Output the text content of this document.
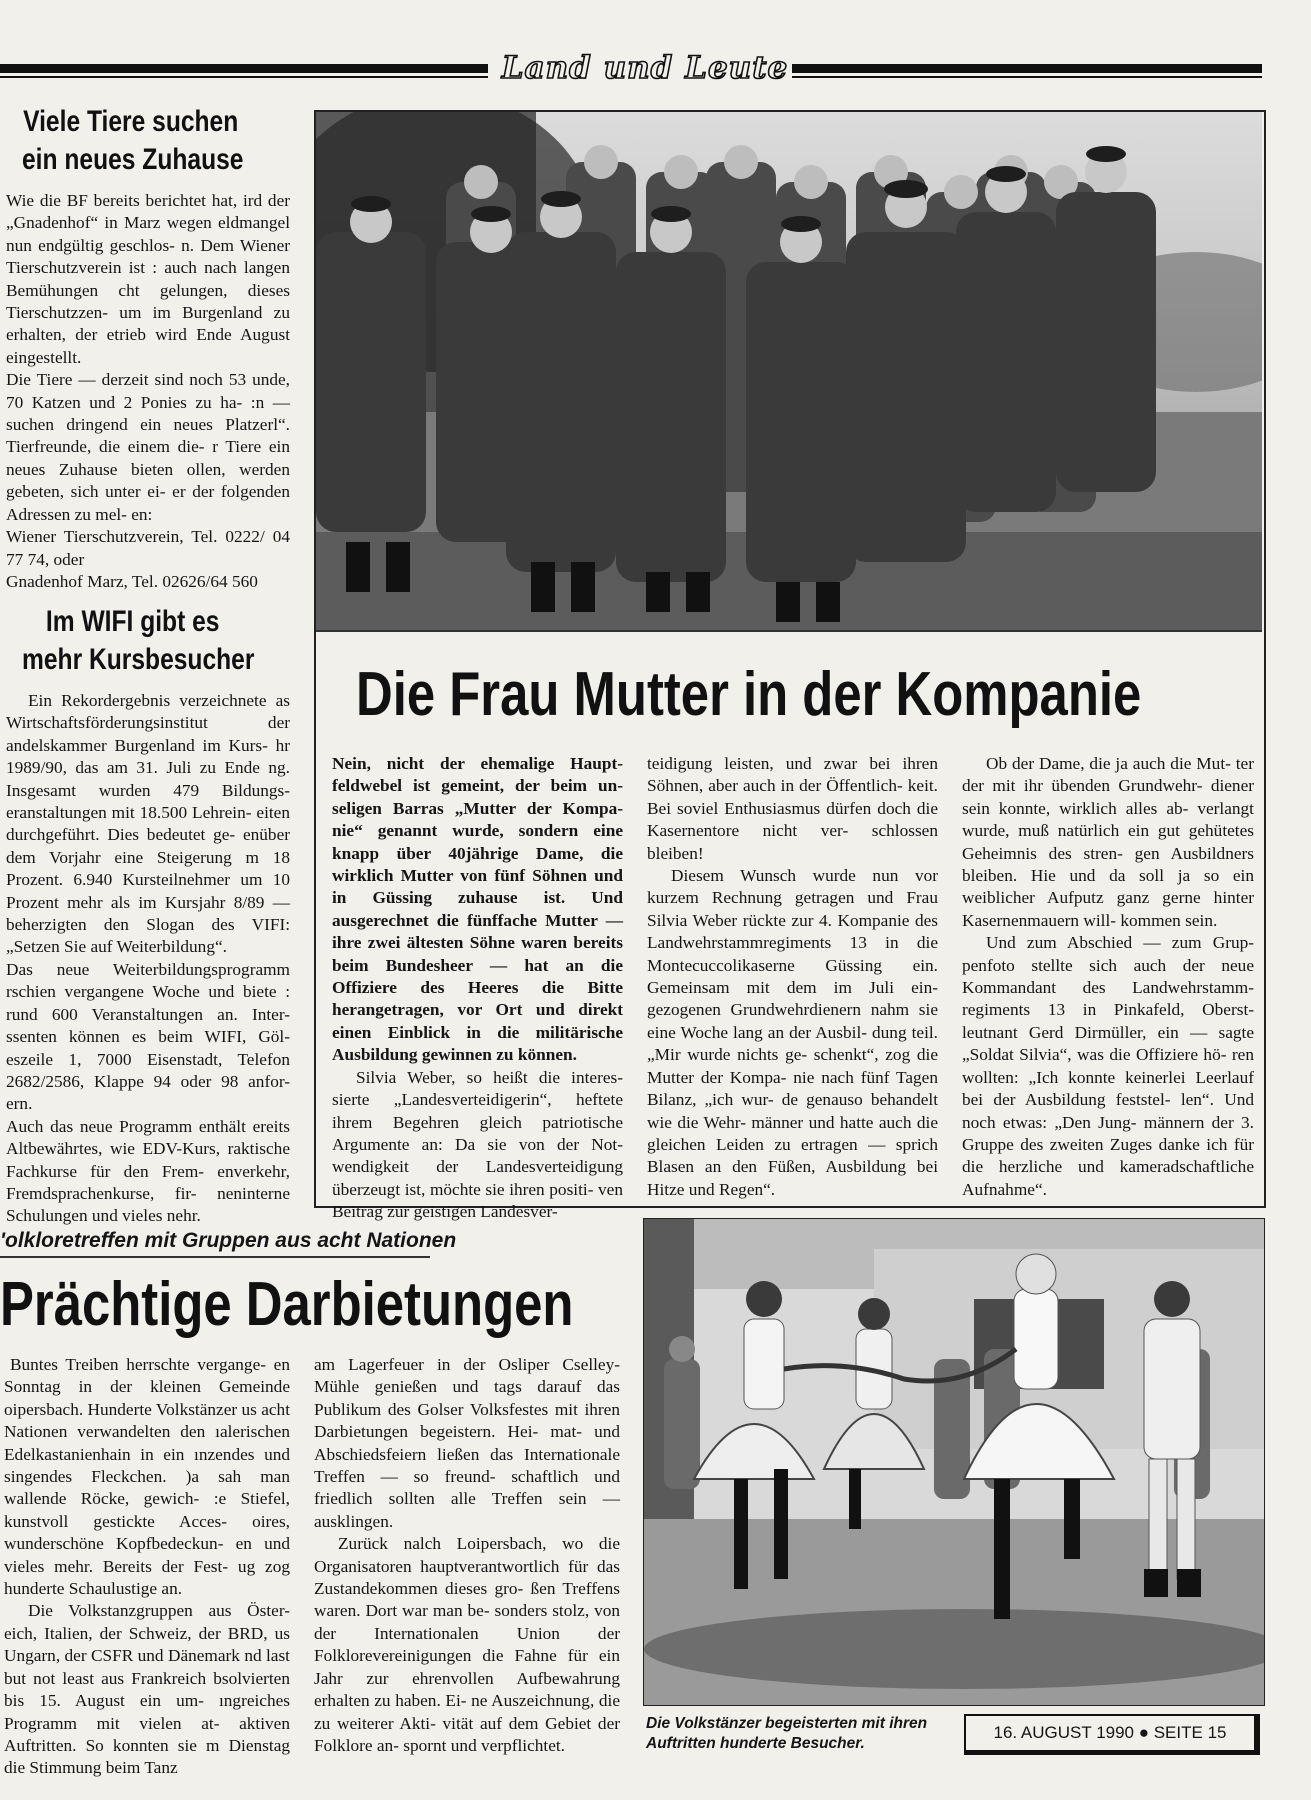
Land und Leute
Viele Tiere suchen
ein neues Zuhause

Wie die BF bereits berichtet hat, ird der „Gnadenhof“ in Marz wegen eldmangel nun endgültig geschlos- n. Dem Wiener Tierschutzverein ist : auch nach langen Bemühungen cht gelungen, dieses Tierschutzzen- um im Burgenland zu erhalten, der etrieb wird Ende August eingestellt.

Die Tiere — derzeit sind noch 53 unde, 70 Katzen und 2 Ponies zu ha- :n — suchen dringend ein neues Platzerl“. Tierfreunde, die einem die- r Tiere ein neues Zuhause bieten ollen, werden gebeten, sich unter ei- er der folgenden Adressen zu mel- en:

Wiener Tierschutzverein, Tel. 0222/ 04 77 74, oder

Gnadenhof Marz, Tel. 02626/64 560

Im WIFI gibt es
mehr Kursbesucher

Ein Rekordergebnis verzeichnete as Wirtschaftsförderungsinstitut der andelskammer Burgenland im Kurs- hr 1989/90, das am 31. Juli zu Ende ng. Insgesamt wurden 479 Bildungs- eranstaltungen mit 18.500 Lehrein- eiten durchgeführt. Dies bedeutet ge- enüber dem Vorjahr eine Steigerung m 18 Prozent. 6.940 Kursteilnehmer um 10 Prozent mehr als im Kursjahr 8/89 — beherzigten den Slogan des VIFI: „Setzen Sie auf Weiterbildung“.

Das neue Weiterbildungsprogramm rschien vergangene Woche und biete : rund 600 Veranstaltungen an. Inter- ssenten können es beim WIFI, Göl- eszeile 1, 7000 Eisenstadt, Telefon 2682/2586, Klappe 94 oder 98 anfor- ern.

Auch das neue Programm enthält ereits Altbewährtes, wie EDV-Kurs, raktische Fachkurse für den Frem- enverkehr, Fremdsprachenkurse, fir- neninterne Schulungen und vieles nehr.

Die Frau Mutter in der Kompanie

Nein, nicht der ehemalige Haupt- feldwebel ist gemeint, der beim un- seligen Barras „Mutter der Kompa- nie“ genannt wurde, sondern eine knapp über 40jährige Dame, die wirklich Mutter von fünf Söhnen und in Güssing zuhause ist. Und ausgerechnet die fünffache Mutter — ihre zwei ältesten Söhne waren bereits beim Bundesheer — hat an die Offiziere des Heeres die Bitte herangetragen, vor Ort und direkt einen Einblick in die militärische Ausbildung gewinnen zu können.

Silvia Weber, so heißt die interes- sierte „Landesverteidigerin“, heftete ihrem Begehren gleich patriotische Argumente an: Da sie von der Not- wendigkeit der Landesverteidigung überzeugt ist, möchte sie ihren positi- ven Beitrag zur geistigen Landesver-

teidigung leisten, und zwar bei ihren Söhnen, aber auch in der Öffentlich- keit. Bei soviel Enthusiasmus dürfen doch die Kasernentore nicht ver- schlossen bleiben!

Diesem Wunsch wurde nun vor kurzem Rechnung getragen und Frau Silvia Weber rückte zur 4. Kompanie des Landwehrstammregiments 13 in die Montecuccolikaserne Güssing ein. Gemeinsam mit dem im Juli ein- gezogenen Grundwehrdienern nahm sie eine Woche lang an der Ausbil- dung teil. „Mir wurde nichts ge- schenkt“, zog die Mutter der Kompa- nie nach fünf Tagen Bilanz, „ich wur- de genauso behandelt wie die Wehr- männer und hatte auch die gleichen Leiden zu ertragen — sprich Blasen an den Füßen, Ausbildung bei Hitze und Regen“.

Ob der Dame, die ja auch die Mut- ter der mit ihr übenden Grundwehr- diener sein konnte, wirklich alles ab- verlangt wurde, muß natürlich ein gut gehütetes Geheimnis des stren- gen Ausbildners bleiben. Hie und da soll ja so ein weiblicher Aufputz ganz gerne hinter Kasernenmauern will- kommen sein.

Und zum Abschied — zum Grup- penfoto stellte sich auch der neue Kommandant des Landwehrstamm- regiments 13 in Pinkafeld, Oberst- leutnant Gerd Dirmüller, ein — sagte „Soldat Silvia“, was die Offiziere hö- ren wollten: „Ich konnte keinerlei Leerlauf bei der Ausbildung feststel- len“. Und noch etwas: „Den Jung- männern der 3. Gruppe des zweiten Zuges danke ich für die herzliche und kameradschaftliche Aufnahme“.

'olkloretreffen mit Gruppen aus acht Nationen
Prächtige Darbietungen

Buntes Treiben herrschte vergange- en Sonntag in der kleinen Gemeinde oipersbach. Hunderte Volkstänzer us acht Nationen verwandelten den ıalerischen Edelkastanienhain in ein ınzendes und singendes Fleckchen. )a sah man wallende Röcke, gewich- :e Stiefel, kunstvoll gestickte Acces- oires, wunderschöne Kopfbedeckun- en und vieles mehr. Bereits der Fest- ug zog hunderte Schaulustige an.

Die Volkstanzgruppen aus Öster- eich, Italien, der Schweiz, der BRD, us Ungarn, der CSFR und Dänemark nd last but not least aus Frankreich bsolvierten bis 15. August ein um- ıngreiches Programm mit vielen at- aktiven Auftritten. So konnten sie m Dienstag die Stimmung beim Tanz

am Lagerfeuer in der Osliper Cselley- Mühle genießen und tags darauf das Publikum des Golser Volksfestes mit ihren Darbietungen begeistern. Hei- mat- und Abschiedsfeiern ließen das Internationale Treffen — so freund- schaftlich und friedlich sollten alle Treffen sein — ausklingen.

Zurück nalch Loipersbach, wo die Organisatoren hauptverantwortlich für das Zustandekommen dieses gro- ßen Treffens waren. Dort war man be- sonders stolz, von der Internationalen Union der Folklorevereinigungen die Fahne für ein Jahr zur ehrenvollen Aufbewahrung erhalten zu haben. Ei- ne Auszeichnung, die zu weiterer Akti- vität auf dem Gebiet der Folklore an- spornt und verpflichtet.

Die Volkstänzer begeisterten mit ihren Auftritten hunderte Besucher.
16. AUGUST 1990 ● SEITE 15
